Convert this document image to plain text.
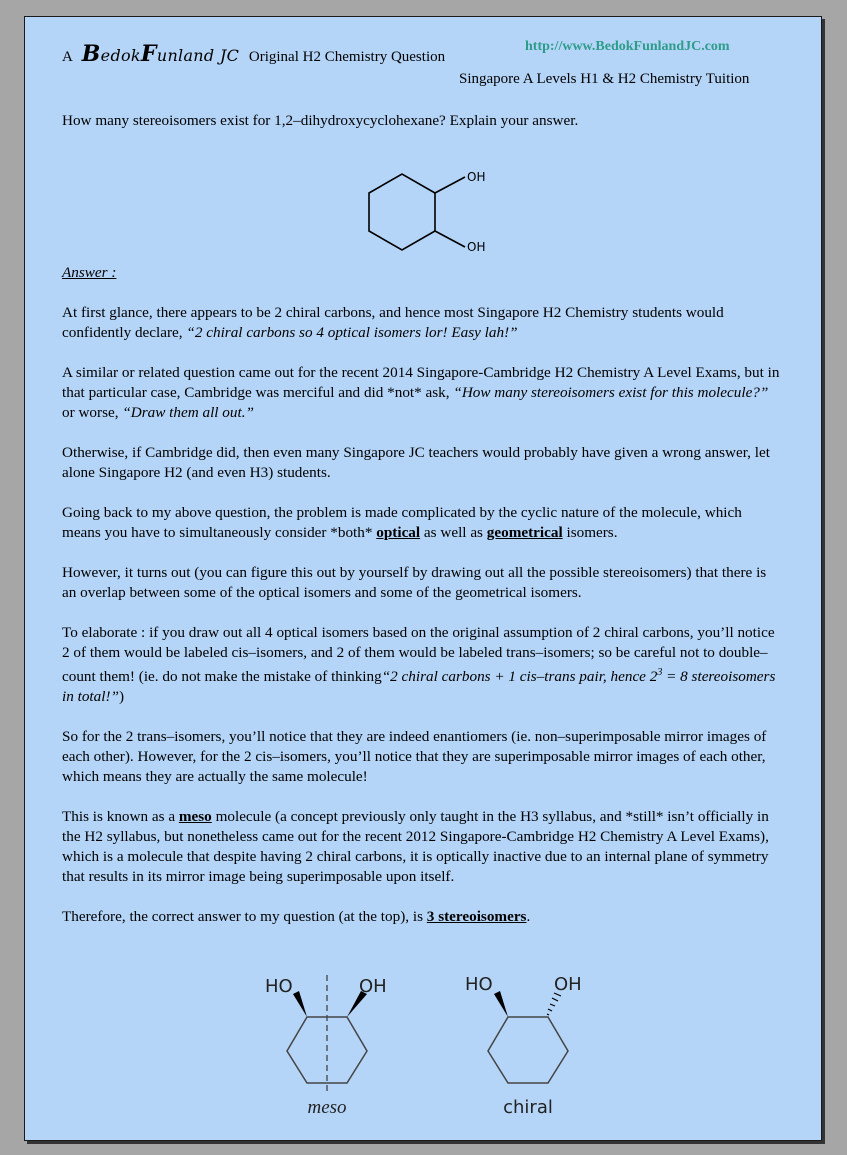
A BedokFunland JC Original H2 Chemistry Question
http://www.BedokFunlandJC.com
Singapore A Levels H1 & H2 Chemistry Tuition

How many stereoisomers exist for 1,2–dihydroxycyclohexane? Explain your answer.

OH
OH

Answer :

At first glance, there appears to be 2 chiral carbons, and hence most Singapore H2 Chemistry students would confidently declare, “2 chiral carbons so 4 optical isomers lor! Easy lah!”

A similar or related question came out for the recent 2014 Singapore-Cambridge H2 Chemistry A Level Exams, but in that particular case, Cambridge was merciful and did *not* ask, “How many stereoisomers exist for this molecule?” or worse, “Draw them all out.”

Otherwise, if Cambridge did, then even many Singapore JC teachers would probably have given a wrong answer, let alone Singapore H2 (and even H3) students.

Going back to my above question, the problem is made complicated by the cyclic nature of the molecule, which means you have to simultaneously consider *both* optical as well as geometrical isomers.

However, it turns out (you can figure this out by yourself by drawing out all the possible stereoisomers) that there is an overlap between some of the optical isomers and some of the geometrical isomers.

To elaborate : if you draw out all 4 optical isomers based on the original assumption of 2 chiral carbons, you’ll notice 2 of them would be labeled cis–isomers, and 2 of them would be labeled trans–isomers; so be careful not to double–count them! (ie. do not make the mistake of thinking“2 chiral carbons + 1 cis–trans pair, hence $2^3 = 8$ stereoisomers in total!”)

So for the 2 trans–isomers, you’ll notice that they are indeed enantiomers (ie. non–superimposable mirror images of each other). However, for the 2 cis–isomers, you’ll notice that they are superimposable mirror images of each other, which means they are actually the same molecule!

This is known as a meso molecule (a concept previously only taught in the H3 syllabus, and *still* isn’t officially in the H2 syllabus, but nonetheless came out for the recent 2012 Singapore-Cambridge H2 Chemistry A Level Exams), which is a molecule that despite having 2 chiral carbons, it is optically inactive due to an internal plane of symmetry that results in its mirror image being superimposable upon itself.

Therefore, the correct answer to my question (at the top), is 3 stereoisomers.

HO	OH
meso
HO	OH
chiral
